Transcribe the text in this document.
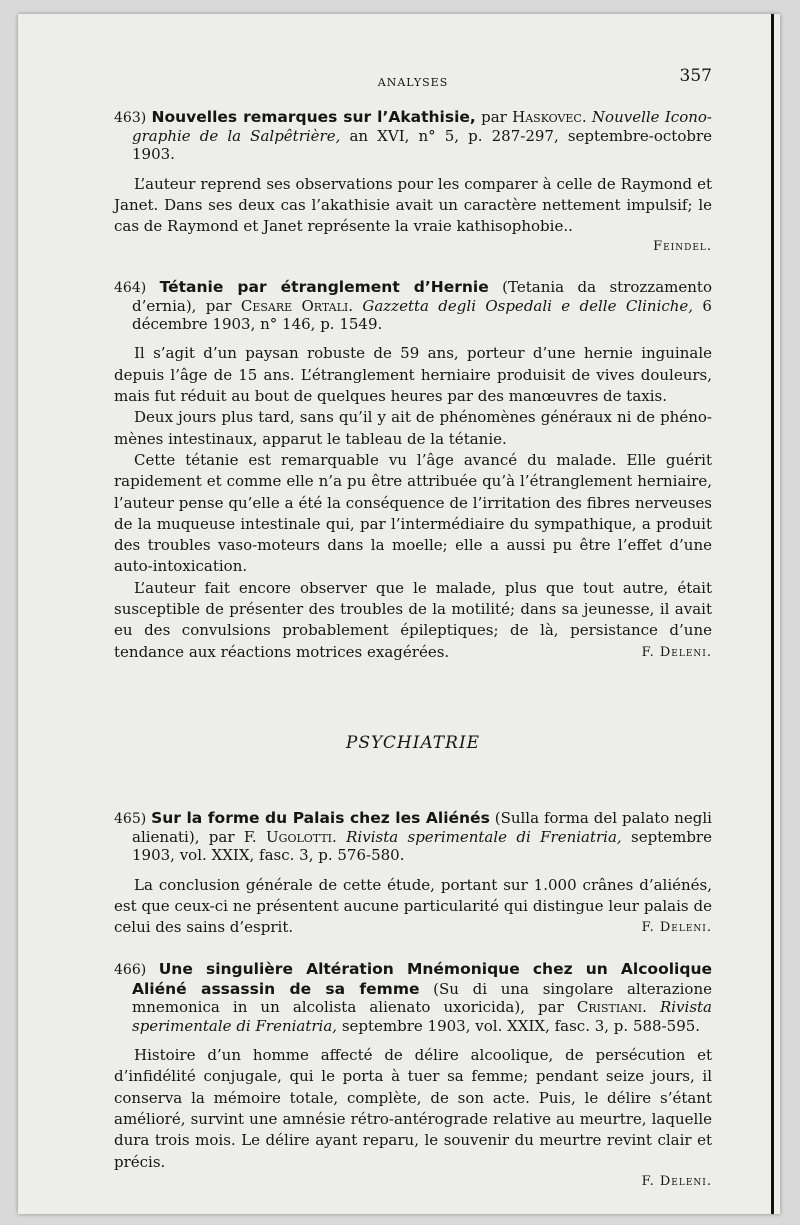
ANALYSES	357

463) Nouvelles remarques sur l’Akathisie, par Haskovec. Nouvelle Iconographie de la Salpêtrière, an XVI, n° 5, p. 287-297, septembre-octobre 1903.

L’auteur reprend ses observations pour les comparer à celle de Raymond et Janet. Dans ses deux cas l’akathisie avait un caractère nettement impulsif; le cas de Raymond et Janet représente la vraie kathisophobie..

Feindel.

464) Tétanie par étranglement d’Hernie (Tetania da strozzamento d’ernia), par Cesare Ortali. Gazzetta degli Ospedali e delle Cliniche, 6 décembre 1903, n° 146, p. 1549.

Il s’agit d’un paysan robuste de 59 ans, porteur d’une hernie inguinale depuis l’âge de 15 ans. L’étranglement herniaire produisit de vives douleurs, mais fut réduit au bout de quelques heures par des manœuvres de taxis.

Deux jours plus tard, sans qu’il y ait de phénomènes généraux ni de phénomènes intestinaux, apparut le tableau de la tétanie.

Cette tétanie est remarquable vu l’âge avancé du malade. Elle guérit rapidement et comme elle n’a pu être attribuée qu’à l’étranglement herniaire, l’auteur pense qu’elle a été la conséquence de l’irritation des fibres nerveuses de la muqueuse intestinale qui, par l’intermédiaire du sympathique, a produit des troubles vaso-moteurs dans la moelle; elle a aussi pu être l’effet d’une auto-intoxication.

L’auteur fait encore observer que le malade, plus que tout autre, était susceptible de présenter des troubles de la motilité; dans sa jeunesse, il avait eu des convulsions probablement épileptiques; de là, persistance d’une tendance aux réactions motrices exagérées.	F. Deleni.

PSYCHIATRIE

465) Sur la forme du Palais chez les Aliénés (Sulla forma del palato negli alienati), par F. Ugolotti. Rivista sperimentale di Freniatria, septembre 1903, vol. XXIX, fasc. 3, p. 576-580.

La conclusion générale de cette étude, portant sur 1.000 crânes d’aliénés, est que ceux-ci ne présentent aucune particularité qui distingue leur palais de celui des sains d’esprit.	F. Deleni.

466) Une singulière Altération Mnémonique chez un Alcoolique Aliéné assassin de sa femme (Su di una singolare alterazione mnemonica in un alcolista alienato uxoricida), par Cristiani. Rivista sperimentale di Freniatria, septembre 1903, vol. XXIX, fasc. 3, p. 588-595.

Histoire d’un homme affecté de délire alcoolique, de persécution et d’infidélité conjugale, qui le porta à tuer sa femme; pendant seize jours, il conserva la mémoire totale, complète, de son acte. Puis, le délire s’étant amélioré, survint une amnésie rétro-antérograde relative au meurtre, laquelle dura trois mois. Le délire ayant reparu, le souvenir du meurtre revint clair et précis.

F. Deleni.
